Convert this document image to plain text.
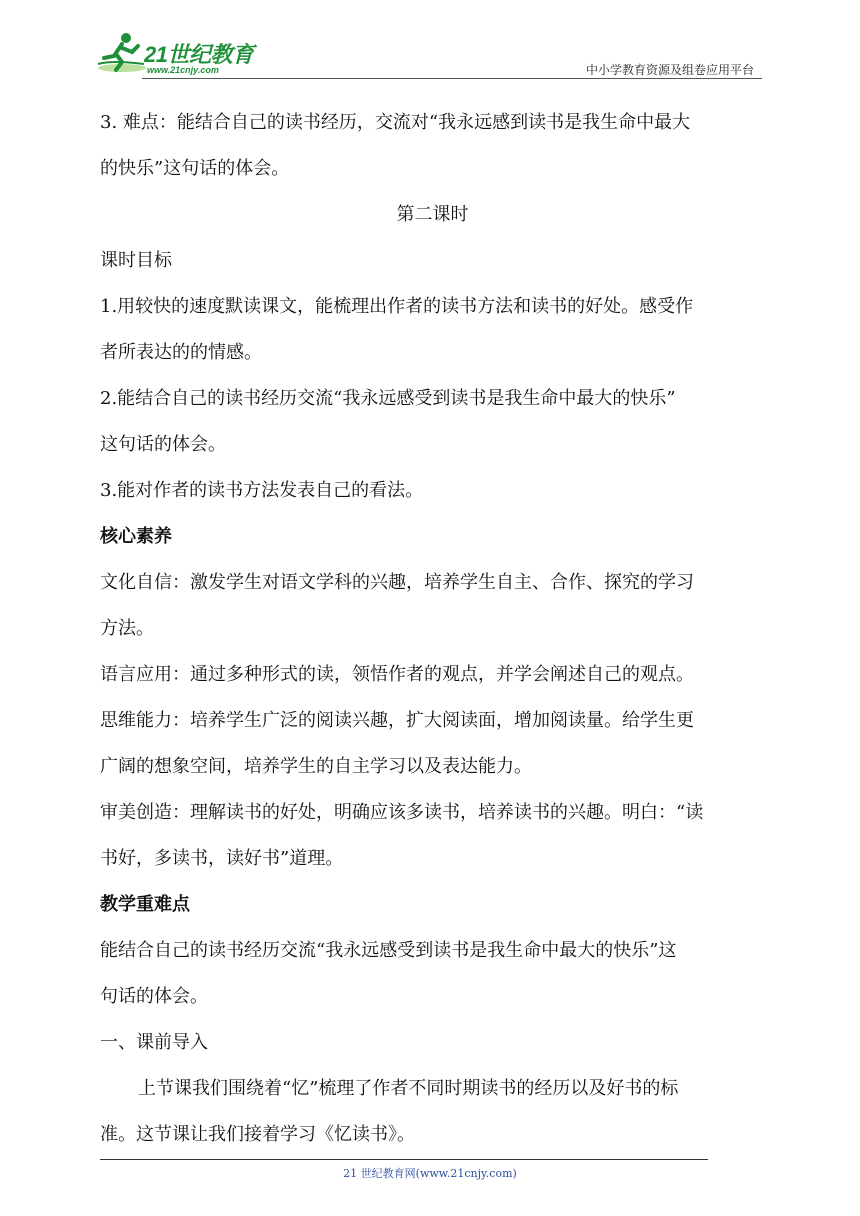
21世纪教育
www.21cnjy.com	中小学教育资源及组卷应用平台
3. 难点：能结合自己的读书经历，交流对“我永远感到读书是我生命中最大
的快乐”这句话的体会。
第二课时
课时目标
1.用较快的速度默读课文，能梳理出作者的读书方法和读书的好处。感受作
者所表达的的情感。
2.能结合自己的读书经历交流“我永远感受到读书是我生命中最大的快乐”
这句话的体会。
3.能对作者的读书方法发表自己的看法。
核心素养
文化自信：激发学生对语文学科的兴趣，培养学生自主、合作、探究的学习
方法。
语言应用：通过多种形式的读，领悟作者的观点，并学会阐述自己的观点。
思维能力：培养学生广泛的阅读兴趣，扩大阅读面，增加阅读量。给学生更
广阔的想象空间，培养学生的自主学习以及表达能力。
审美创造：理解读书的好处，明确应该多读书，培养读书的兴趣。明白：“读
书好，多读书，读好书”道理。
教学重难点
能结合自己的读书经历交流“我永远感受到读书是我生命中最大的快乐”这
句话的体会。
一、课前导入
上节课我们围绕着“忆”梳理了作者不同时期读书的经历以及好书的标
准。这节课让我们接着学习《忆读书》。
21 世纪教育网(www.21cnjy.com)
